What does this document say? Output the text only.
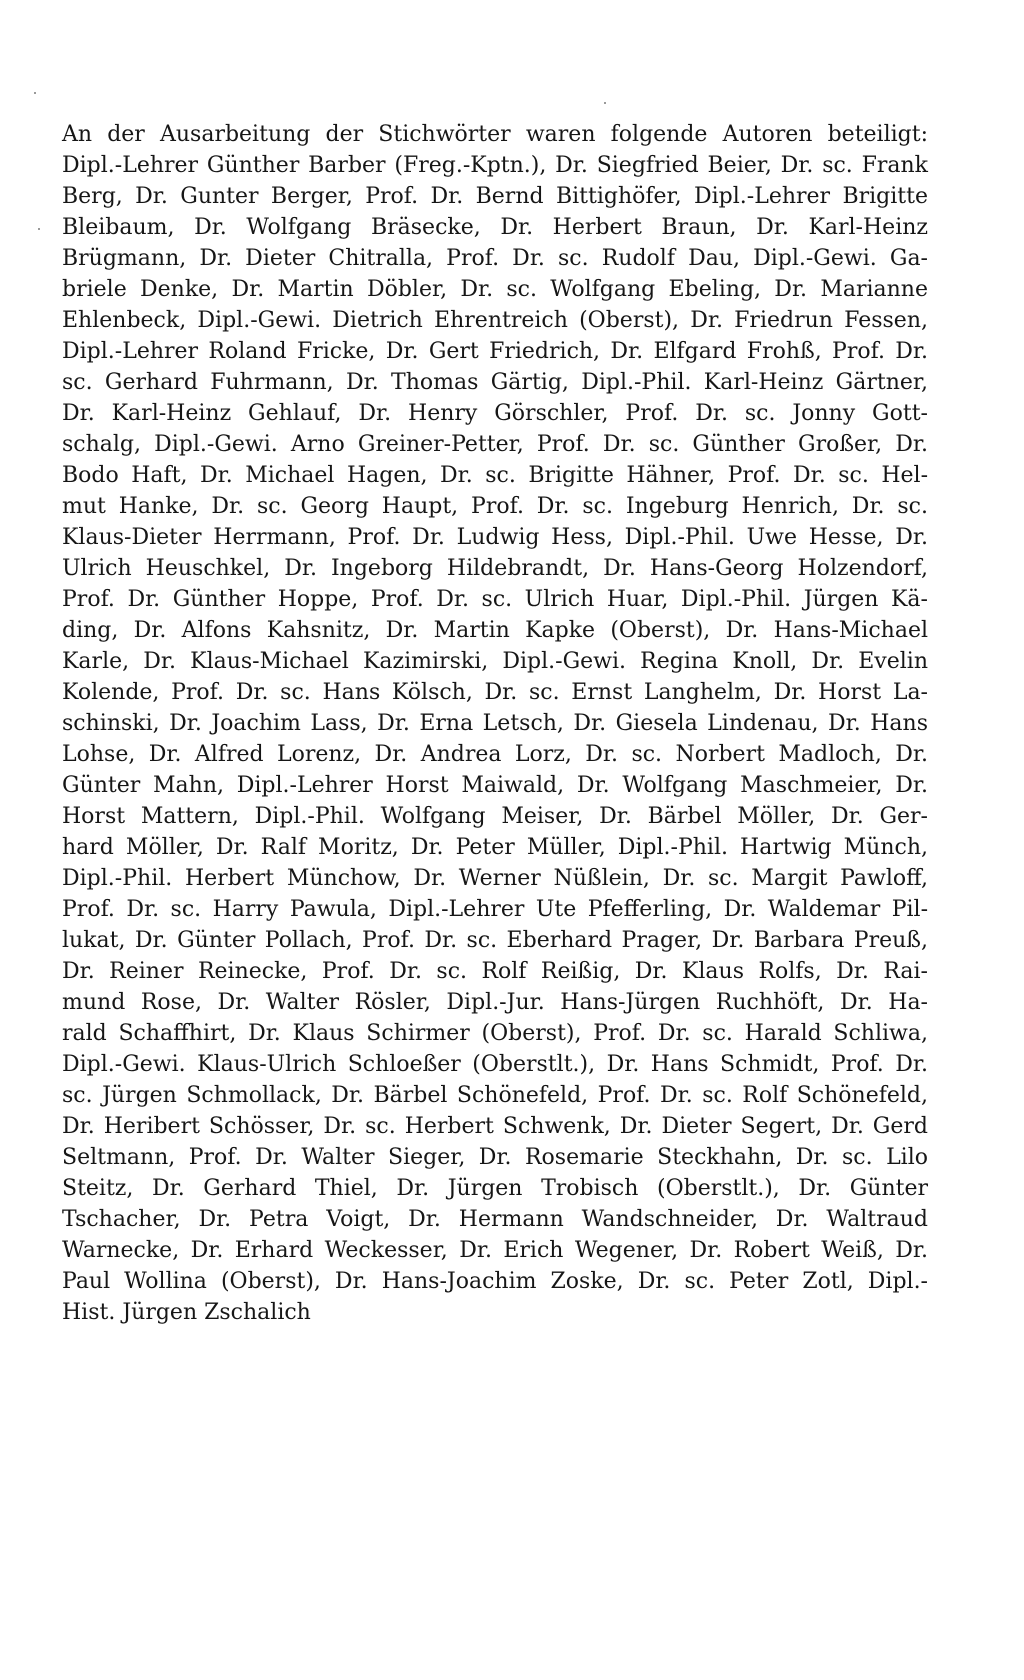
An der Ausarbeitung der Stichwörter waren folgende Autoren beteiligt:
Dipl.-Lehrer Günther Barber (Freg.-Kptn.), Dr. Siegfried Beier, Dr. sc. Frank
Berg, Dr. Gunter Berger, Prof. Dr. Bernd Bittighöfer, Dipl.-Lehrer Brigitte
Bleibaum, Dr. Wolfgang Bräsecke, Dr. Herbert Braun, Dr. Karl-Heinz
Brügmann, Dr. Dieter Chitralla, Prof. Dr. sc. Rudolf Dau, Dipl.-Gewi. Ga-
briele Denke, Dr. Martin Döbler, Dr. sc. Wolfgang Ebeling, Dr. Marianne
Ehlenbeck, Dipl.-Gewi. Dietrich Ehrentreich (Oberst), Dr. Friedrun Fessen,
Dipl.-Lehrer Roland Fricke, Dr. Gert Friedrich, Dr. Elfgard Frohß, Prof. Dr.
sc. Gerhard Fuhrmann, Dr. Thomas Gärtig, Dipl.-Phil. Karl-Heinz Gärtner,
Dr. Karl-Heinz Gehlauf, Dr. Henry Görschler, Prof. Dr. sc. Jonny Gott-
schalg, Dipl.-Gewi. Arno Greiner-Petter, Prof. Dr. sc. Günther Großer, Dr.
Bodo Haft, Dr. Michael Hagen, Dr. sc. Brigitte Hähner, Prof. Dr. sc. Hel-
mut Hanke, Dr. sc. Georg Haupt, Prof. Dr. sc. Ingeburg Henrich, Dr. sc.
Klaus-Dieter Herrmann, Prof. Dr. Ludwig Hess, Dipl.-Phil. Uwe Hesse, Dr.
Ulrich Heuschkel, Dr. Ingeborg Hildebrandt, Dr. Hans-Georg Holzendorf,
Prof. Dr. Günther Hoppe, Prof. Dr. sc. Ulrich Huar, Dipl.-Phil. Jürgen Kä-
ding, Dr. Alfons Kahsnitz, Dr. Martin Kapke (Oberst), Dr. Hans-Michael
Karle, Dr. Klaus-Michael Kazimirski, Dipl.-Gewi. Regina Knoll, Dr. Evelin
Kolende, Prof. Dr. sc. Hans Kölsch, Dr. sc. Ernst Langhelm, Dr. Horst La-
schinski, Dr. Joachim Lass, Dr. Erna Letsch, Dr. Giesela Lindenau, Dr. Hans
Lohse, Dr. Alfred Lorenz, Dr. Andrea Lorz, Dr. sc. Norbert Madloch, Dr.
Günter Mahn, Dipl.-Lehrer Horst Maiwald, Dr. Wolfgang Maschmeier, Dr.
Horst Mattern, Dipl.-Phil. Wolfgang Meiser, Dr. Bärbel Möller, Dr. Ger-
hard Möller, Dr. Ralf Moritz, Dr. Peter Müller, Dipl.-Phil. Hartwig Münch,
Dipl.-Phil. Herbert Münchow, Dr. Werner Nüßlein, Dr. sc. Margit Pawloff,
Prof. Dr. sc. Harry Pawula, Dipl.-Lehrer Ute Pfefferling, Dr. Waldemar Pil-
lukat, Dr. Günter Pollach, Prof. Dr. sc. Eberhard Prager, Dr. Barbara Preuß,
Dr. Reiner Reinecke, Prof. Dr. sc. Rolf Reißig, Dr. Klaus Rolfs, Dr. Rai-
mund Rose, Dr. Walter Rösler, Dipl.-Jur. Hans-Jürgen Ruchhöft, Dr. Ha-
rald Schaffhirt, Dr. Klaus Schirmer (Oberst), Prof. Dr. sc. Harald Schliwa,
Dipl.-Gewi. Klaus-Ulrich Schloeßer (Oberstlt.), Dr. Hans Schmidt, Prof. Dr.
sc. Jürgen Schmollack, Dr. Bärbel Schönefeld, Prof. Dr. sc. Rolf Schönefeld,
Dr. Heribert Schösser, Dr. sc. Herbert Schwenk, Dr. Dieter Segert, Dr. Gerd
Seltmann, Prof. Dr. Walter Sieger, Dr. Rosemarie Steckhahn, Dr. sc. Lilo
Steitz, Dr. Gerhard Thiel, Dr. Jürgen Trobisch (Oberstlt.), Dr. Günter
Tschacher, Dr. Petra Voigt, Dr. Hermann Wandschneider, Dr. Waltraud
Warnecke, Dr. Erhard Weckesser, Dr. Erich Wegener, Dr. Robert Weiß, Dr.
Paul Wollina (Oberst), Dr. Hans-Joachim Zoske, Dr. sc. Peter Zotl, Dipl.-
Hist. Jürgen Zschalich
